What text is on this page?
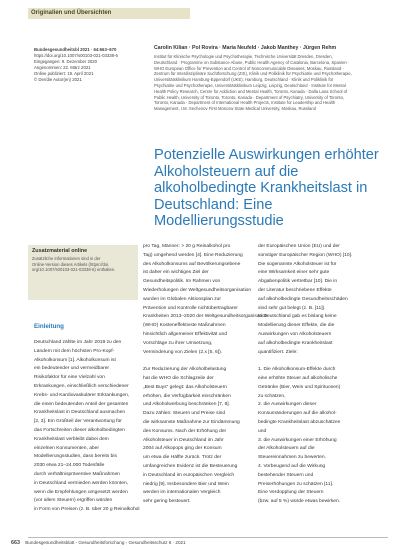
Originalien und Übersichten
Bundesgesundheitsbl 2021 · 64:663–670
https://doi.org/10.1007/s00103-021-03338-6
Eingegangen: 9. Dezember 2020
Angenommen: 22. März 2021
Online publiziert: 19. April 2021
© Der/die Autor(en) 2021
Carolin Kilian · Pol Rovira · Maria Neufeld · Jakob Manthey · Jürgen Rehm
Institut für Klinische Psychologie und Psychotherapie, Technische Universität Dresden, Dresden,
Deutschland · Programme on Substance Abuse, Public Health Agency of Catalonia, Barcelona, Spanien ·
WHO European Office for Prevention and Control of Noncommunicable Diseases, Moskau, Russland ·
Zentrum für Interdisziplinäre Suchtforschung (ZIS), Klinik und Poliklinik für Psychiatrie und Psychotherapie,
Universitätsklinikum Hamburg-Eppendorf (UKE), Hamburg, Deutschland · Klinik und Poliklinik für
Psychiatrie und Psychotherapie, Universitätsklinikum Leipzig, Leipzig, Deutschland · Institute for Mental
Health Policy Research, Centre for Addiction and Mental Health, Toronto, Kanada · Dalla Lana School of
Public Health, University of Toronto, Toronto, Kanada · Department of Psychiatry, University of Toronto,
Toronto, Kanada · Department of International Health Projects, Institute for Leadership and Health
Management, I.M. Sechenov First Moscow State Medical University, Moskau, Russland
Potenzielle Auswirkungen erhöhter Alkoholsteuern auf die alkoholbedingte Krankheitslast in Deutschland: Eine Modellierungsstudie
Zusatzmaterial online
Zusätzliche Informationen sind in der
Online-Version dieses Artikels (https://doi.
org/10.1007/s00103-021-03338-6) enthalten.
Einleitung
Deutschland zählte im Jahr 2019 zu den
Ländern mit dem höchsten Pro-Kopf-
Alkoholkonsum [1]. Alkoholkonsum ist
ein bedeutender und vermeidbarer
Risikofaktor für eine Vielzahl von
Erkrankungen, einschließlich verschiedener
Krebs- und Kardiovaskulärer Erkrankungen,
die einen bedeutenden Anteil der gesamten
Krankheitslast in Deutschland ausmachen
[2, 3]. Ein Großteil der Verantwortung für
das Fortschreiten dieser alkoholbedingten
Krankheitslast verbleibt dabei dem
einzelnen Konsumenten, aber
Modellierungsstudien, dass bereits bis
2030 etwa 21–24.000 Todesfälle
durch verhältnispräventive Maßnahmen
in Deutschland vermieden werden könnten,
wenn die Empfehlungen umgesetzt werden
(vor allem Steuern) ergriffen würden
in Form von Preisen (z. B. über 20 g Reinalkohol
pro Tag, Männer: > 20 g Reinalkohol pro
Tag) umgehend werden [4]. Eine Reduzierung
des Alkoholkonsums auf Bevölkerungsebene
ist daher ein wichtiges Ziel der
Gesundheitspolitik. Im Rahmen von
Wiederholungen der Weltgesundheitsorganisation
wurden im Globalen Aktionsplan zur
Prävention und Kontrolle nichtübertragbarer
Krankheiten 2013–2020 der Weltgesundheitsorganisation
(WHO) Kosteneffektivste Maßnahmen
hinsichtlich allgemeiner Effektivität und
Vorschläge zu ihrer Umsetzung,
Verminderung von Zielen (2.x [5, 6]).

Zur Reduzierung der Alkoholbelastung
hat die WHO die Schlagzeile der
„Best Buys“ gelegt: das Alkoholsteuern
erhöhen, die Verfügbarkeit einschränken
und Alkoholwerbung beschränken [7, 8].
Dazu zählen: Steuern und Preise sind
die wirksamste Maßnahme zur Eindämmung
des Konsums. Nach der Erhöhung der
Alkoholsteuer in Deutschland im Jahr
2004 auf Alkopops ging der Konsum
um etwa die Hälfte zurück. Trotz der
umfangreichen Evidenz ist die Besteuerung
in Deutschland im europäischen Vergleich
niedrig [9]. Insbesondere Bier und Wein
werden im internationalen Vergleich
sehr gering besteuert.
der Europäischen Union (EU) und der
sonstiger Europäischer Region (WHO) [10].
Die sogenannte Alkoholsteuer ist für
eine Wirksamkeit einer sehr gute
Abgabenpolitik vertretbar [10]. Die in
der Literatur beschriebene Effekte
auf alkoholbedingte Gesundheitsschäden
sind sehr gut belegt (z. B. [11]).
In Deutschland gab es bislang keine
Modellierung dieser Effekte, die die
Auswirkungen von Alkoholsteuern
auf alkoholbedingte Krankheitslast
quantifiziert. Ziele:

1. Die Alkoholkonsum-Effekte durch
eine erhöhte Steuer auf alkoholische
Getränke (Bier, Wein und Spirituosen)
zu schätzen,
2. die Auswirkungen dieser
Konsumänderungen auf die alkohol-
bedingte Krankheitslast abzuschätzen
und
3. die Auswirkungen einer Erhöhung
der Alkoholsteuern auf die
Steuereinnahmen zu bewerten.
4. Vorbeugend auf die Wirkung
bestehender Steuern und
Preiserhöhungen zu schätzen [11].
Eine Verdopplung der Steuern
(bzw. auf 5 %) würde etwas bewirken.
663 Bundesgesundheitsblatt - Gesundheitsforschung - Gesundheitsschutz 6 · 2021
